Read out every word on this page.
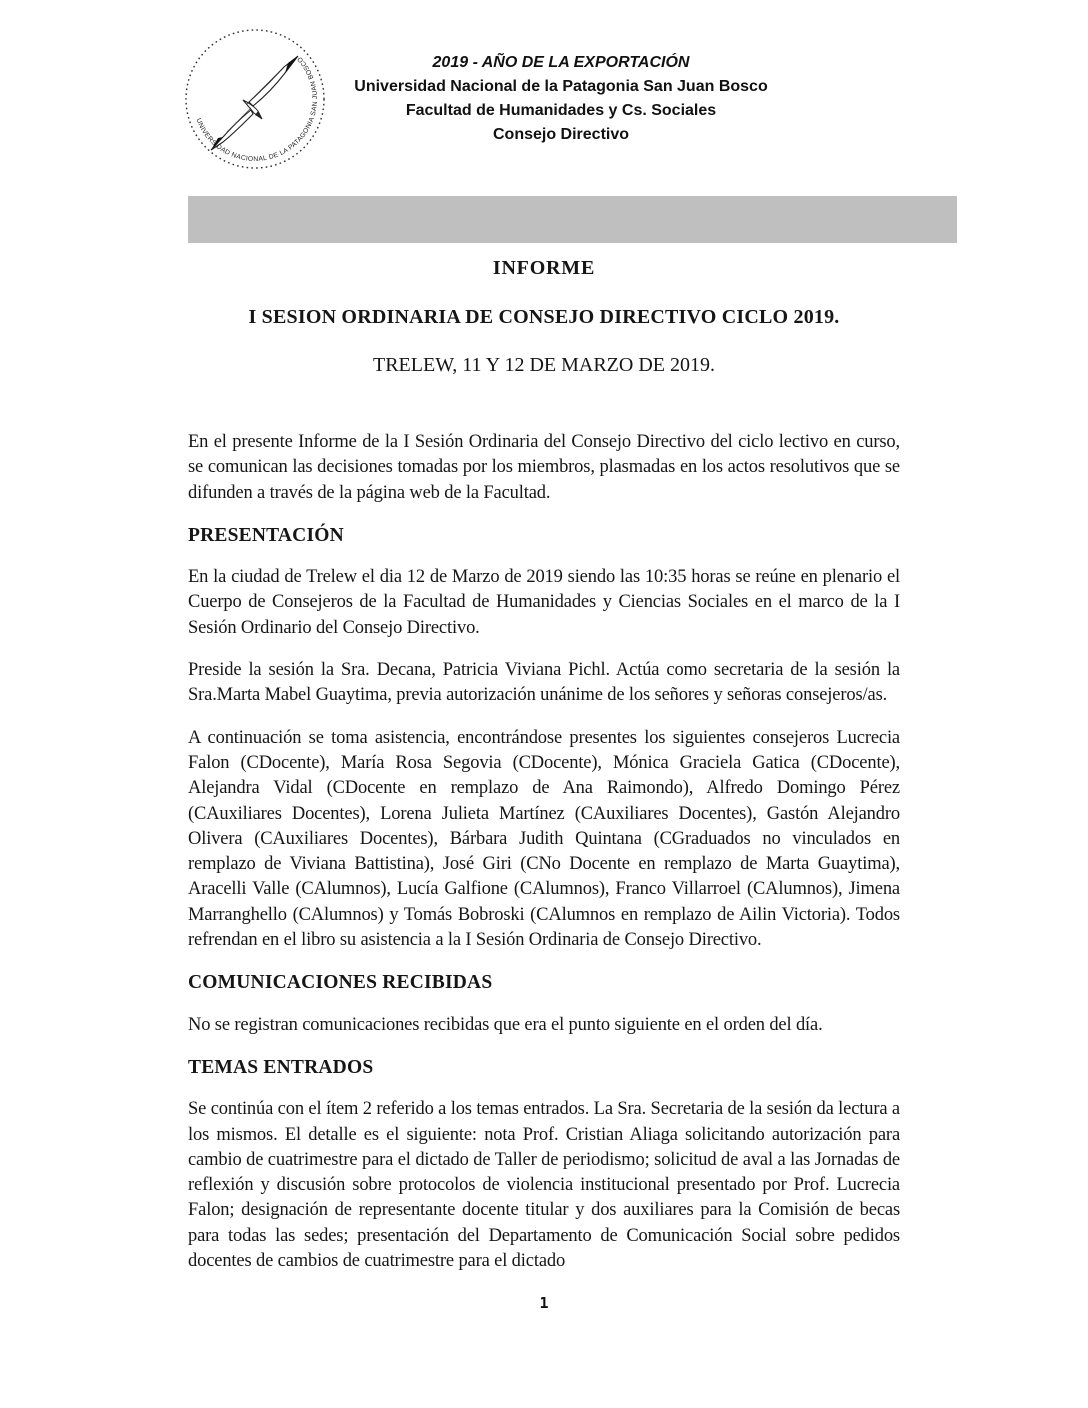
UNIVERSIDAD NACIONAL DE LA PATAGONIA SAN JUAN BOSCO	2019 - AÑO DE LA EXPORTACIÓN
Universidad Nacional de la Patagonia San Juan Bosco
Facultad de Humanidades y Cs. Sociales
Consejo Directivo
INFORME
I SESION ORDINARIA DE CONSEJO DIRECTIVO CICLO 2019.
TRELEW, 11 Y 12 DE MARZO DE 2019.

En el presente Informe de la I Sesión Ordinaria del Consejo Directivo del ciclo lectivo en curso, se comunican las decisiones tomadas por los miembros, plasmadas en los actos resolutivos que se difunden a través de la página web de la Facultad.

PRESENTACIÓN

En la ciudad de Trelew el dia 12 de Marzo de 2019 siendo las 10:35 horas se reúne en plenario el Cuerpo de Consejeros de la Facultad de Humanidades y Ciencias Sociales en el marco de la I Sesión Ordinario del Consejo Directivo.

Preside la sesión la Sra. Decana, Patricia Viviana Pichl. Actúa como secretaria de la sesión la Sra.Marta Mabel Guaytima, previa autorización unánime de los señores y señoras consejeros/as.

A continuación se toma asistencia, encontrándose presentes los siguientes consejeros Lucrecia Falon (CDocente), María Rosa Segovia (CDocente), Mónica Graciela Gatica (CDocente), Alejandra Vidal (CDocente en remplazo de Ana Raimondo), Alfredo Domingo Pérez (CAuxiliares Docentes), Lorena Julieta Martínez (CAuxiliares Docentes), Gastón Alejandro Olivera (CAuxiliares Docentes), Bárbara Judith Quintana (CGraduados no vinculados en remplazo de Viviana Battistina), José Giri (CNo Docente en remplazo de Marta Guaytima), Aracelli Valle (CAlumnos), Lucía Galfione (CAlumnos), Franco Villarroel (CAlumnos), Jimena Marranghello (CAlumnos) y Tomás Bobroski (CAlumnos en remplazo de Ailin Victoria). Todos refrendan en el libro su asistencia a la I Sesión Ordinaria de Consejo Directivo.

COMUNICACIONES RECIBIDAS

No se registran comunicaciones recibidas que era el punto siguiente en el orden del día.

TEMAS ENTRADOS

Se continúa con el ítem 2 referido a los temas entrados. La Sra. Secretaria de la sesión da lectura a los mismos. El detalle es el siguiente: nota Prof. Cristian Aliaga solicitando autorización para cambio de cuatrimestre para el dictado de Taller de periodismo; solicitud de aval a las Jornadas de reflexión y discusión sobre protocolos de violencia institucional presentado por Prof. Lucrecia Falon; designación de representante docente titular y dos auxiliares para la Comisión de becas para todas las sedes; presentación del Departamento de Comunicación Social sobre pedidos docentes de cambios de cuatrimestre para el dictado

1
